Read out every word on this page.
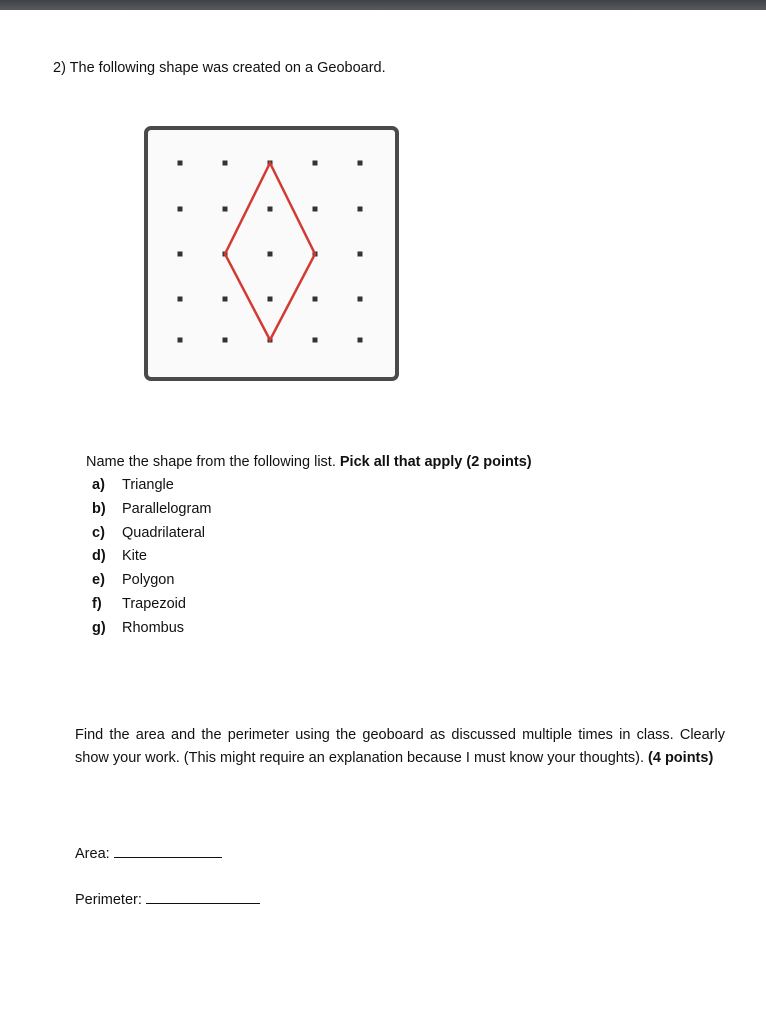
2) The following shape was created on a Geoboard.
Name the shape from the following list. Pick all that apply (2 points)
a) Triangle
b) Parallelogram
c) Quadrilateral
d) Kite
e) Polygon
f) Trapezoid
g) Rhombus
Find the area and the perimeter using the geoboard as discussed multiple times in class. Clearly show your work. (This might require an explanation because I must know your thoughts). (4 points)
Area:
Perimeter:
